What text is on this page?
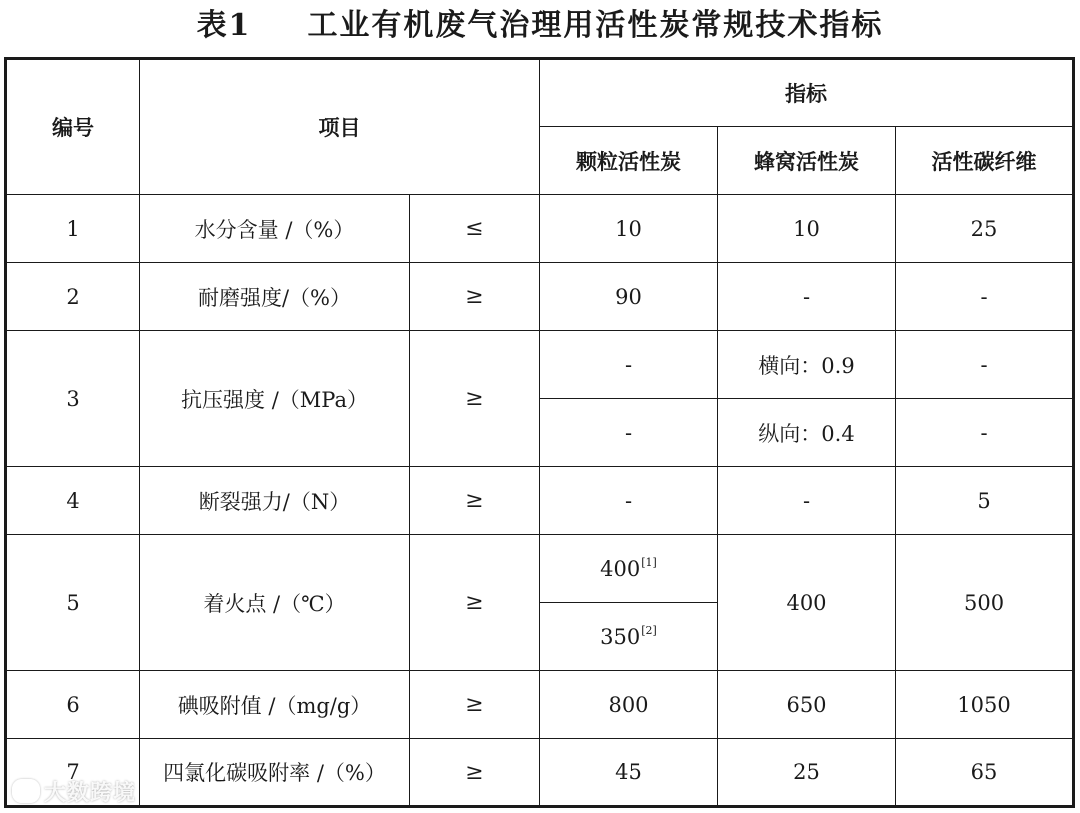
表1 工业有机废气治理用活性炭常规技术指标
编号	项目		指标		
			颗粒活性炭	蜂窝活性炭	活性碳纤维
1	水分含量 /（%）	≤	10	10	25
2	耐磨强度/（%）	≥	90	-	-
3	抗压强度 /（MPa）	≥	-	横向：0.9	-
			-	纵向：0.4	-
4	断裂强力/（N）	≥	-	-	5
5	着火点 /（℃）	≥	400[1]	400	500
			350[2]
6	碘吸附值 /（mg/g）	≥	800	650	1050
7	四氯化碳吸附率 /（%）	≥	45	25	65
大数跨境
